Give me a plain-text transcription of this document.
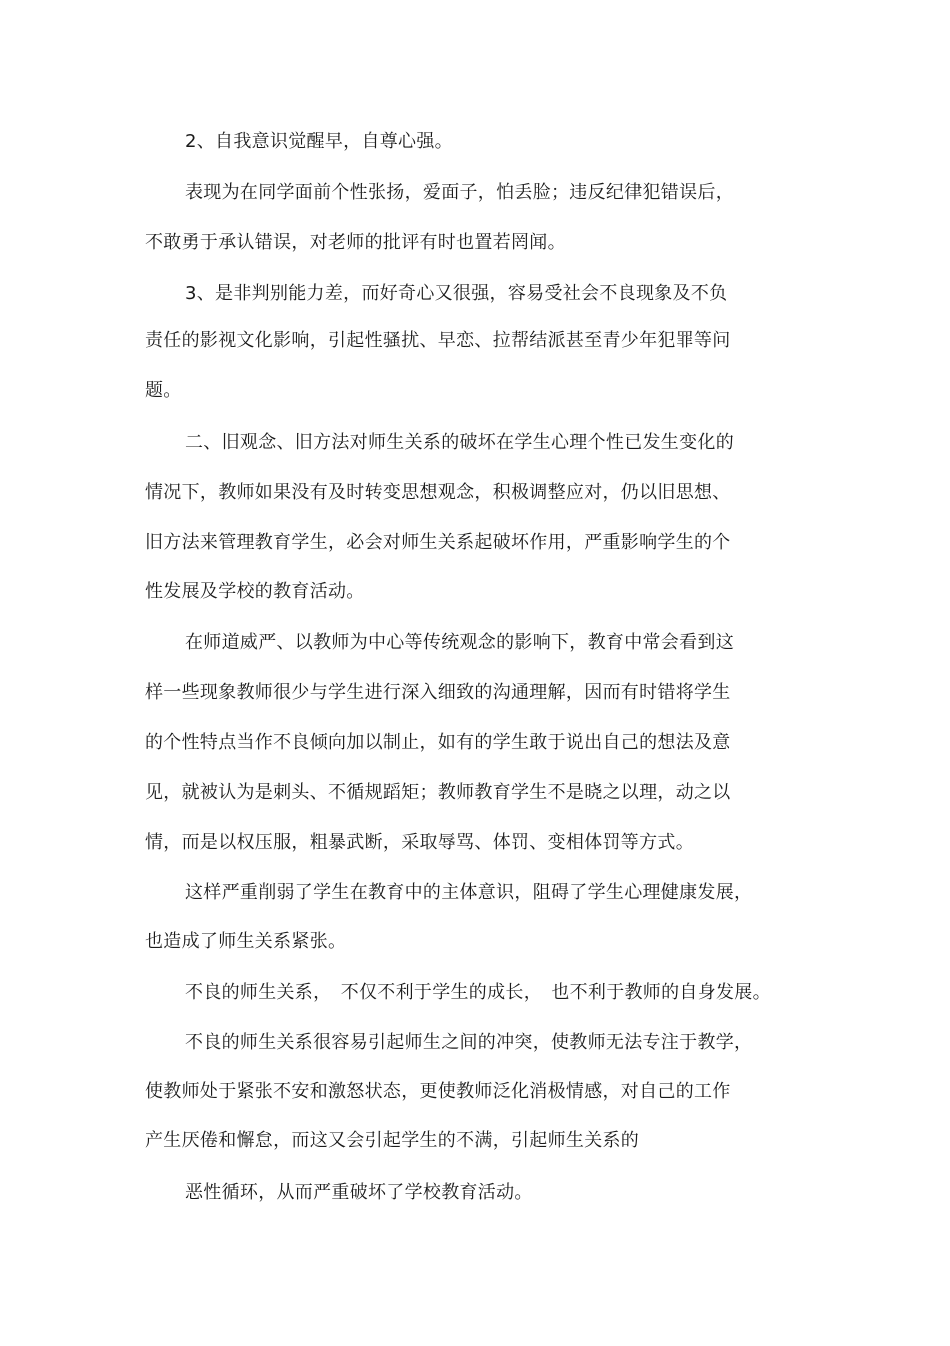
2、自我意识觉醒早，自尊心强。
表现为在同学面前个性张扬，爱面子，怕丢脸；违反纪律犯错误后，
不敢勇于承认错误，对老师的批评有时也置若罔闻。
3、是非判别能力差，而好奇心又很强，容易受社会不良现象及不负
责任的影视文化影响，引起性骚扰、早恋、拉帮结派甚至青少年犯罪等问
题。
二、旧观念、旧方法对师生关系的破坏在学生心理个性已发生变化的
情况下，教师如果没有及时转变思想观念，积极调整应对，仍以旧思想、
旧方法来管理教育学生，必会对师生关系起破坏作用，严重影响学生的个
性发展及学校的教育活动。
在师道威严、以教师为中心等传统观念的影响下，教育中常会看到这
样一些现象教师很少与学生进行深入细致的沟通理解，因而有时错将学生
的个性特点当作不良倾向加以制止，如有的学生敢于说出自己的想法及意
见，就被认为是刺头、不循规蹈矩；教师教育学生不是晓之以理，动之以
情，而是以权压服，粗暴武断，采取辱骂、体罚、变相体罚等方式。
这样严重削弱了学生在教育中的主体意识，阻碍了学生心理健康发展，
也造成了师生关系紧张。
不良的师生关系，　不仅不利于学生的成长，　也不利于教师的自身发展。
不良的师生关系很容易引起师生之间的冲突，使教师无法专注于教学，
使教师处于紧张不安和激怒状态，更使教师泛化消极情感，对自己的工作
产生厌倦和懈怠，而这又会引起学生的不满，引起师生关系的
恶性循环，从而严重破坏了学校教育活动。
